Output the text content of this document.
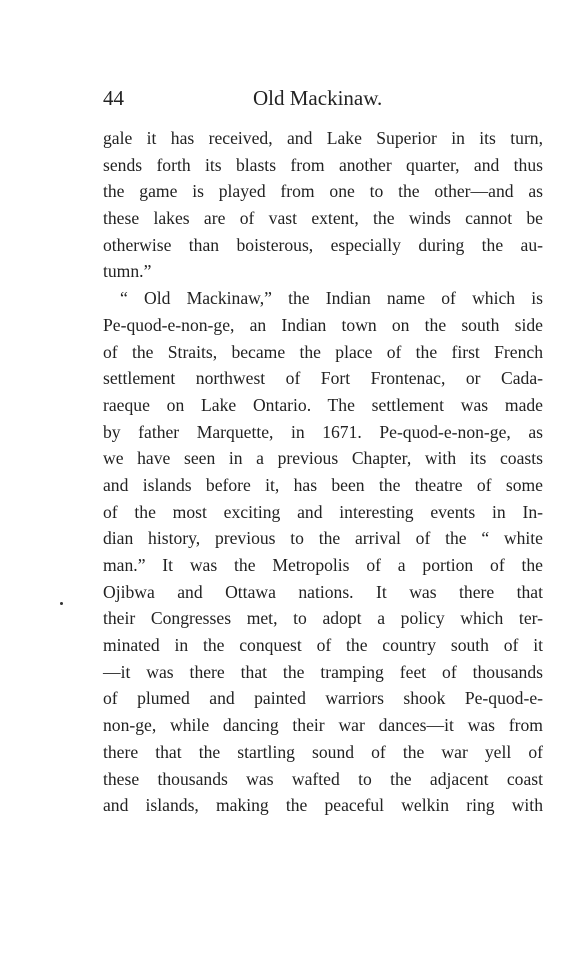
44	Old Mackinaw.
gale it has received, and Lake Superior in its turn,
sends forth its blasts from another quarter, and thus
the game is played from one to the other—and as
these lakes are of vast extent, the winds cannot be
otherwise than boisterous, especially during the au-
tumn.”
“ Old Mackinaw,” the Indian name of which is
Pe-quod-e-non-ge, an Indian town on the south side
of the Straits, became the place of the first French
settlement northwest of Fort Frontenac, or Cada-
raeque on Lake Ontario. The settlement was made
by father Marquette, in 1671. Pe-quod-e-non-ge, as
we have seen in a previous Chapter, with its coasts
and islands before it, has been the theatre of some
of the most exciting and interesting events in In-
dian history, previous to the arrival of the “ white
man.” It was the Metropolis of a portion of the
Ojibwa and Ottawa nations. It was there that
their Congresses met, to adopt a policy which ter-
minated in the conquest of the country south of it
—it was there that the tramping feet of thousands
of plumed and painted warriors shook Pe-quod-e-
non-ge, while dancing their war dances—it was from
there that the startling sound of the war yell of
these thousands was wafted to the adjacent coast
and islands, making the peaceful welkin ring with
